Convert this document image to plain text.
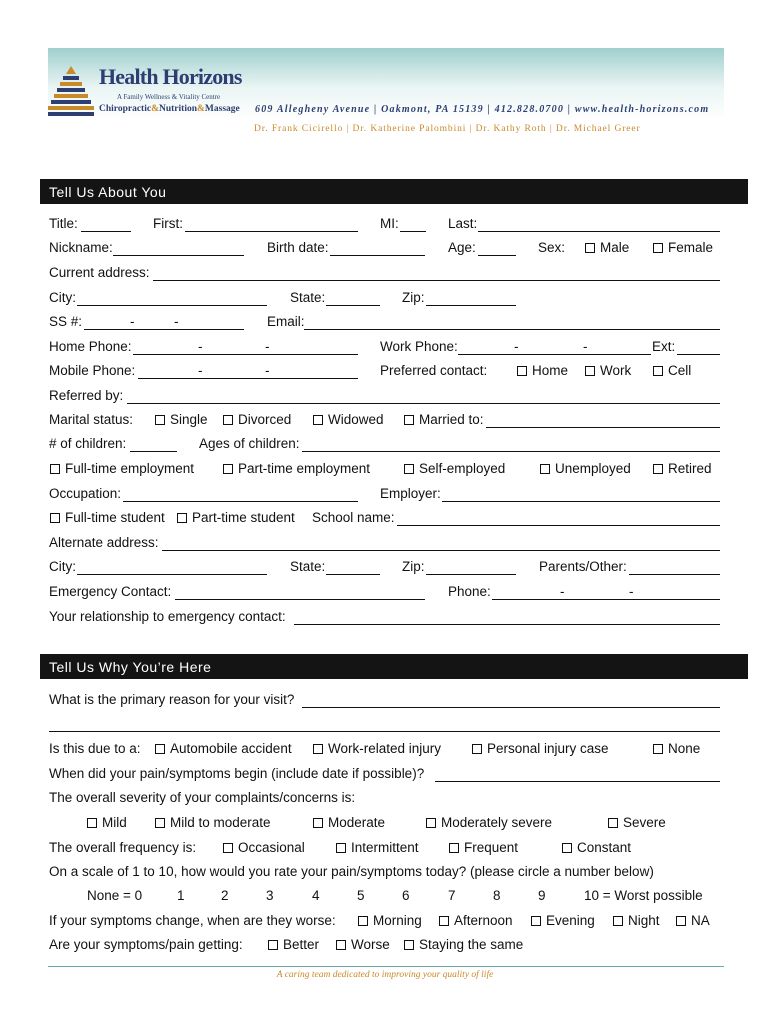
Health Horizons
A Family Wellness & Vitality Centre
Chiropractic&Nutrition&Massage 609 Allegheny Avenue | Oakmont, PA 15139 | 412.828.0700 | www.health-horizons.com
Dr. Frank Cicirello | Dr. Katherine Palombini | Dr. Kathy Roth | Dr. Michael Greer
Tell Us About You
Title:	First:	MI:	Last:
Nickname:	Birth date:	Age:	Sex:	Male	Female
Current address:
City:	State:	Zip:
SS #:	-	-	Email:
Home Phone:	-	-	Work Phone:	-	-	Ext:
Mobile Phone:	-	-	Preferred contact:	Home Work	Cell
Referred by:
Marital status:	Single Divorced	Widowed	Married to:
# of children:	Ages of children:
Full-time employment	Part-time employment	Self-employed	Unemployed	Retired
Occupation:	Employer:
Full-time student Part-time student School name:
Alternate address:
City:	State:	Zip:	Parents/Other:
Emergency Contact:	Phone:	-	-
Your relationship to emergency contact:
Tell Us Why You’re Here
What is the primary reason for your visit?
Is this due to a: Automobile accident	Work-related injury	Personal injury case	None
When did your pain/symptoms begin (include date if possible)?
The overall severity of your complaints/concerns is:
Mild	Mild to moderate	Moderate	Moderately severe	Severe
The overall frequency is:	Occasional	Intermittent	Frequent	Constant
On a scale of 1 to 10, how would you rate your pain/symptoms today? (please circle a number below)
None = 0	1	2	3	4	5	6	7	8	9	10 = Worst possible
If your symptoms change, when are they worse:	Morning Afternoon Evening Night NA
Are your symptoms/pain getting:	Better Worse Staying the same
A caring team dedicated to improving your quality of life
